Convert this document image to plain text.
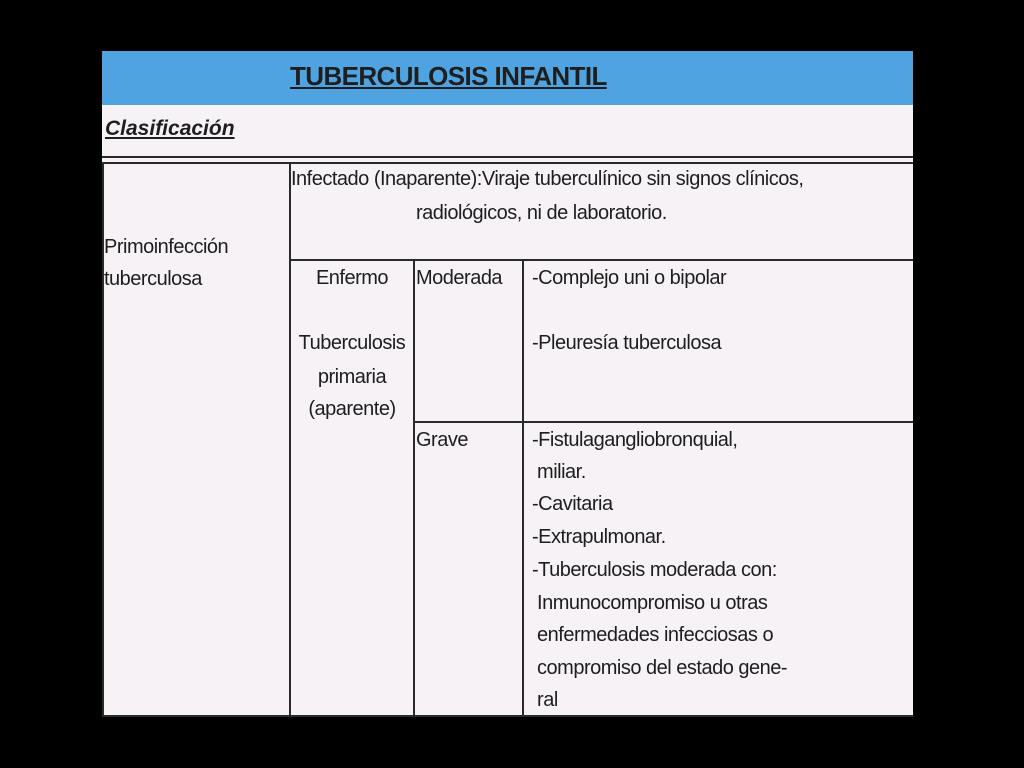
TUBERCULOSIS INFANTIL
Clasificación
Primoinfección
tuberculosa
Infectado (Inaparente):Viraje tuberculínico sin signos clínicos,
radiológicos, ni de laboratorio.
Enfermo
Tuberculosis
primaria
(aparente)
Moderada -Complejo uni o bipolar
-Pleuresía tuberculosa
Grave	-Fistulagangliobronquial,
miliar.
-Cavitaria
-Extrapulmonar.
-Tuberculosis moderada con:
Inmunocompromiso u otras
enfermedades infecciosas o
compromiso del estado gene-
ral
